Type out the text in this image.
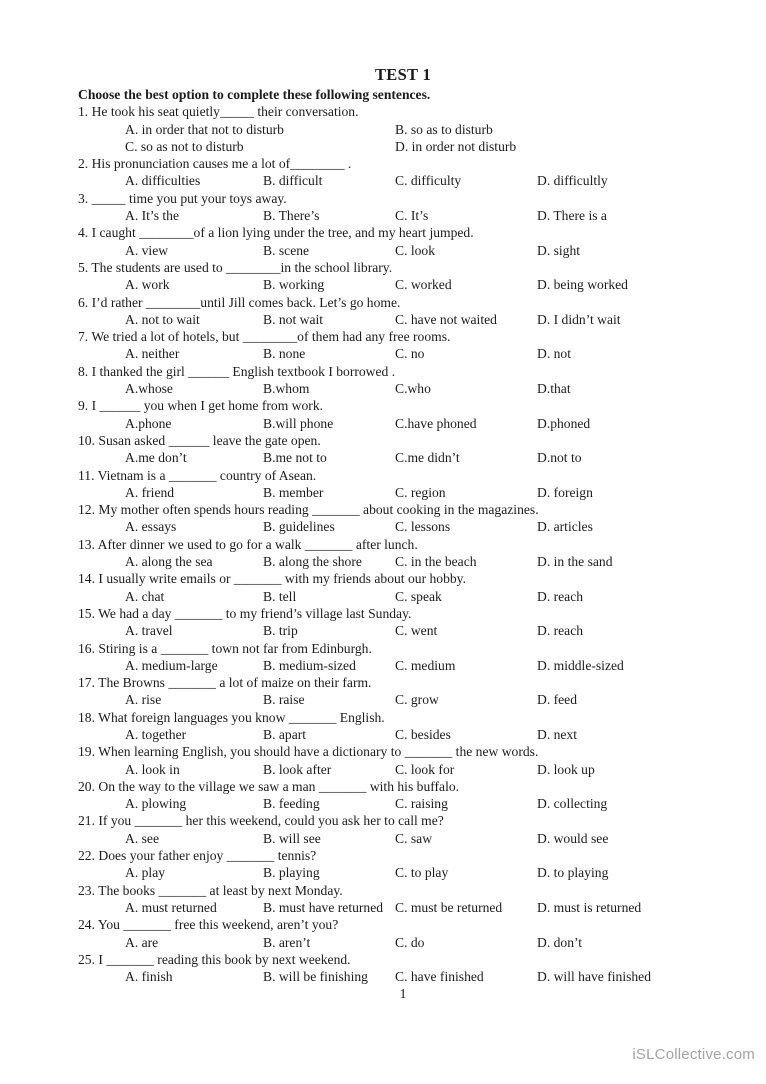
TEST 1

Choose the best option to complete these following sentences.

1. He took his seat quietly_____ their conversation.
A. in order that not to disturb	B. so as to disturb
C. so as not to disturb	D. in order not disturb
2. His pronunciation causes me a lot of________ .
A. difficulties	B. difficult	C. difficulty	D. difficultly
3. _____ time you put your toys away.
A. It’s the	B. There’s	C. It’s	D. There is a
4. I caught ________of a lion lying under the tree, and my heart jumped.
A. view	B. scene	C. look	D. sight
5. The students are used to ________in the school library.
A. work	B. working	C. worked	D. being worked
6. I’d rather ________until Jill comes back. Let’s go home.
A. not to wait	B. not wait	C. have not waited	D. I didn’t wait
7. We tried a lot of hotels, but ________of them had any free rooms.
A. neither	B. none	C. no	D. not
8. I thanked the girl ______ English textbook I borrowed .
A.whose	B.whom	C.who	D.that
9. I ______ you when I get home from work.
A.phone	B.will phone	C.have phoned	D.phoned
10. Susan asked ______ leave the gate open.
A.me don’t	B.me not to	C.me didn’t	D.not to
11. Vietnam is a _______ country of Asean.
A. friend	B. member	C. region	D. foreign
12. My mother often spends hours reading _______ about cooking in the magazines.
A. essays	B. guidelines	C. lessons	D. articles
13. After dinner we used to go for a walk _______ after lunch.
A. along the sea	B. along the shore	C. in the beach	D. in the sand
14. I usually write emails or _______ with my friends about our hobby.
A. chat	B. tell	C. speak	D. reach
15. We had a day _______ to my friend’s village last Sunday.
A. travel	B. trip	C. went	D. reach
16. Stiring is a _______ town not far from Edinburgh.
A. medium-large	B. medium-sized	C. medium	D. middle-sized
17. The Browns _______ a lot of maize on their farm.
A. rise	B. raise	C. grow	D. feed
18. What foreign languages you know _______ English.
A. together	B. apart	C. besides	D. next
19. When learning English, you should have a dictionary to _______ the new words.
A. look in	B. look after	C. look for	D. look up
20. On the way to the village we saw a man _______ with his buffalo.
A. plowing	B. feeding	C. raising	D. collecting
21. If you _______ her this weekend, could you ask her to call me?
A. see	B. will see	C. saw	D. would see
22. Does your father enjoy _______ tennis?
A. play	B. playing	C. to play	D. to playing
23. The books _______ at least by next Monday.
A. must returned	B. must have returned C. must be returned	D. must is returned
24. You _______ free this weekend, aren’t you?
A. are	B. aren’t	C. do	D. don’t
25. I _______ reading this book by next weekend.
A. finish	B. will be finishing	C. have finished	D. will have finished
1
iSLCollective.com
